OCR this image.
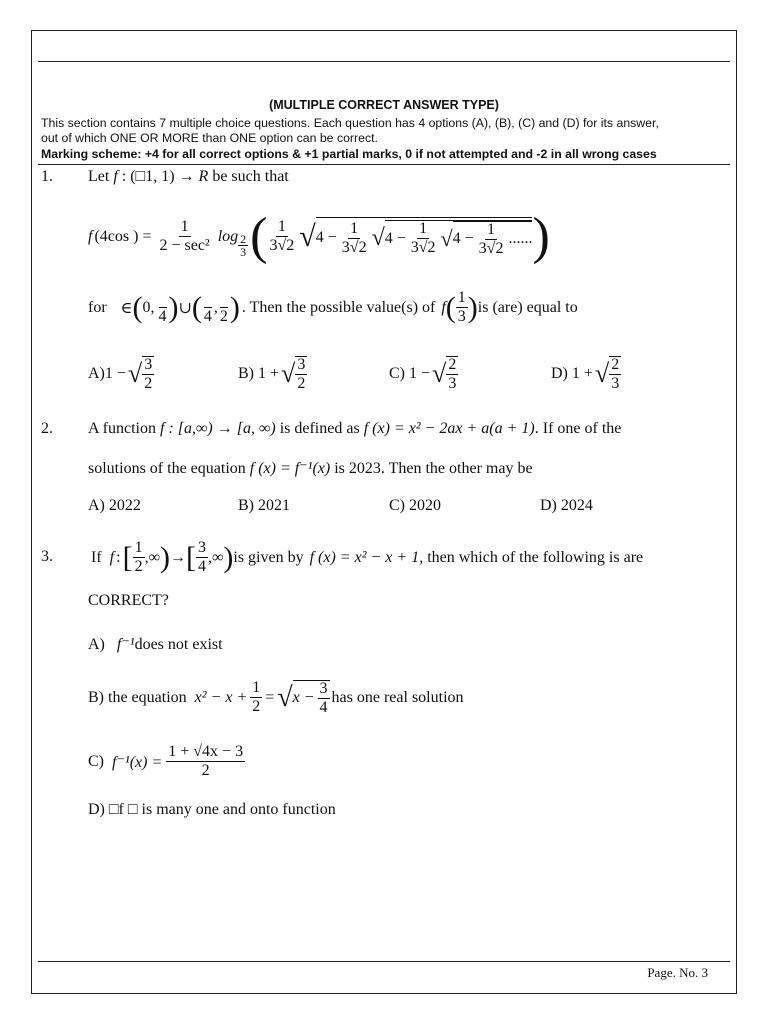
(MULTIPLE CORRECT ANSWER TYPE)
This section contains 7 multiple choice questions. Each question has 4 options (A), (B), (C) and (D) for its answer,
out of which ONE OR MORE than ONE option can be correct.
Marking scheme: +4 for all correct options & +1 partial marks, 0 if not attempted and -2 in all wrong cases
1. Let f : (□1, 1) → R be such that
f (4cos ) = $\frac{1}{\text{2 − sec²}}$ $\log \frac{2}{3}$ ( $\frac{1}{3√2}$ √ $4 - \frac{1}{3√2}$ √ $4 - \frac{1}{3√2}$ √ $4 - \frac{1}{3√2}$ ...... )
for ∈ ( 0,

4 ) ∪ (
4
,

2 ) . Then the possible value(s) of f ( $\frac{1}{3}$ ) is (are) equal to
A)1 − √ $\frac{3}{2}$	B) 1 + √ $\frac{3}{2}$	C) 1 − √ $\frac{2}{3}$	D) 1 + √ $\frac{2}{3}$
2. A function f : [a,∞) → [a, ∞) is defined as f (x) = x² − 2ax + a(a + 1). If one of the
solutions of the equation f (x) = f⁻¹(x) is 2023. Then the other may be
A) 2022	B) 2021	C) 2020	D) 2024
3. If f : [ $\frac{1}{2}$ ,∞ ) → [ $\frac{3}{4}$ ,∞ ) is given by f (x) = x² − x + 1 , then which of the following is are
CORRECT?
A) f⁻¹does not exist
B) the equation $x^2 - x + \frac{1}{2}$ = √ $x - \frac{3}{4}$ has one real solution
C) $f^{-1}(x) = \frac{1 + √4x - 3}{2}$
D) □f □ is many one and onto function
Page. No. 3
